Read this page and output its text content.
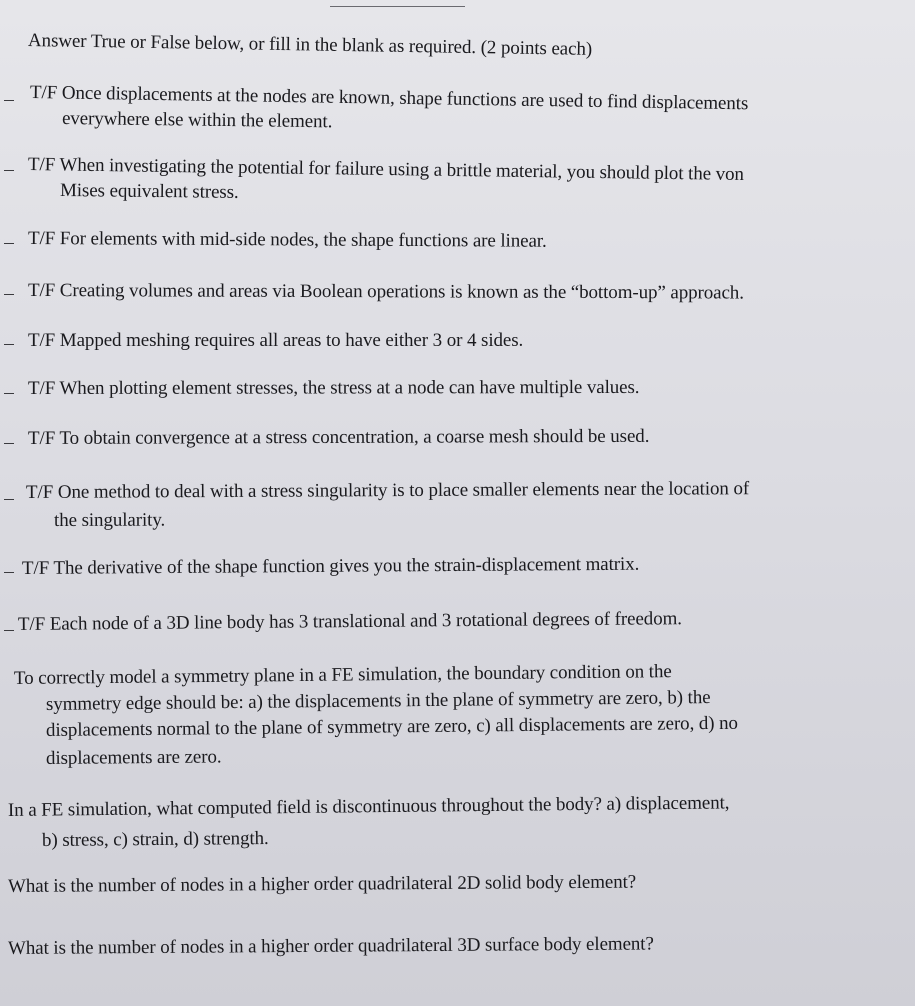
Answer True or False below, or fill in the blank as required. (2 points each)
T/F Once displacements at the nodes are known, shape functions are used to find displacements
everywhere else within the element.
T/F When investigating the potential for failure using a brittle material, you should plot the von
Mises equivalent stress.
T/F For elements with mid-side nodes, the shape functions are linear.
T/F Creating volumes and areas via Boolean operations is known as the “bottom-up” approach.
T/F Mapped meshing requires all areas to have either 3 or 4 sides.
T/F When plotting element stresses, the stress at a node can have multiple values.
T/F To obtain convergence at a stress concentration, a coarse mesh should be used.
T/F One method to deal with a stress singularity is to place smaller elements near the location of
the singularity.
T/F The derivative of the shape function gives you the strain-displacement matrix.
T/F Each node of a 3D line body has 3 translational and 3 rotational degrees of freedom.
To correctly model a symmetry plane in a FE simulation, the boundary condition on the
symmetry edge should be: a) the displacements in the plane of symmetry are zero, b) the
displacements normal to the plane of symmetry are zero, c) all displacements are zero, d) no
displacements are zero.
In a FE simulation, what computed field is discontinuous throughout the body? a) displacement,
b) stress, c) strain, d) strength.
What is the number of nodes in a higher order quadrilateral 2D solid body element?
What is the number of nodes in a higher order quadrilateral 3D surface body element?
